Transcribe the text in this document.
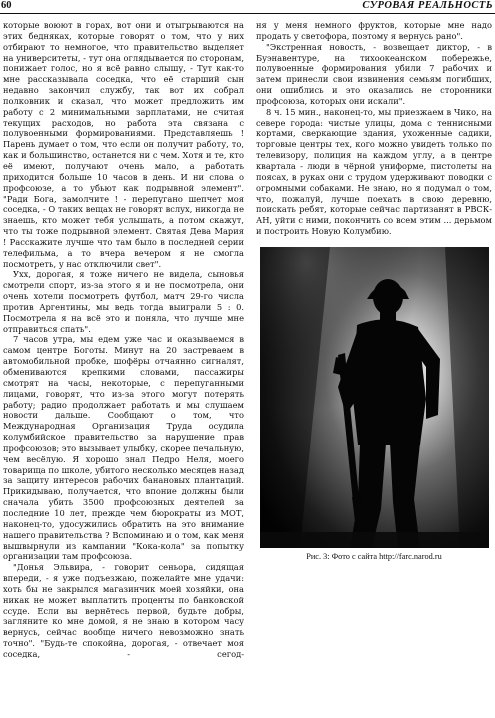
60	СУРОВАЯ РЕАЛЬНОСТЬ

которые воюют в горах, вот они и отыгрываются на этих бедняках, которые говорят о том, что у них отбирают то немногое, что правительство выделяет на университеты, - тут она оглядывается по сторонам, понижает голос, но я всё равно слышу, - Тут как-то мне рассказывала соседка, что её старший сын недавно закончил службу, так вот их собрал полковник и сказал, что может предложить им работу с 2 минимальными зарплатами, не считая текущих расходов, но работа эта связана с полувоенными формированиями. Представляешь ! Парень думает о том, что если он получит работу, то, как и большинство, останется ни с чем. Хотя и те, кто её имеют, получают очень мало, а работать приходится больше 10 часов в день. И ни слова о профсоюзе, а то убьют как подрывной элемент". "Ради Бога, замолчите ! - перепугано шепчет моя соседка, - О таких вещах не говорят вслух, никогда не знаешь, кто может тебя услышать, а потом скажут, что ты тоже подрывной элемент. Святая Дева Мария ! Расскажите лучше что там было в последней серии телефильма, а то вчера вечером я не смогла посмотреть, у нас отключили свет".

Ухх, дорогая, я тоже ничего не видела, сыновья смотрели спорт, из-за этого я и не посмотрела, они очень хотели посмотреть футбол, матч 29-го числа против Аргентины, мы ведь тогда выиграли 5 : 0. Посмотрела я на всё это и поняла, что лучше мне отправиться спать".

7 часов утра, мы едем уже час и оказываемся в самом центре Боготы. Минут на 20 застреваем в автомобильной пробке, шофёры отчаянно сигналят, обмениваются крепкими словами, пассажиры смотрят на часы, некоторые, с перепуганными лицами, говорят, что из-за этого могут потерять работу; радио продолжает работать и мы слушаем новости дальше. Сообщают о том, что Международная Организация Труда осудила колумбийское правительство за нарушение прав профсоюзов; это вызывает улыбку, скорее печальную, чем весёлую. Я хорошо знал Педро Неля, моего товарища по школе, убитого несколько месяцев назад за защиту интересов рабочих банановых плантаций. Прикидываю, получается, что впоние должны были сначала убить 3500 профсоюзных деятелей за последние 10 лет, прежде чем бюрократы из МОТ, наконец-то, удосужились обратить на это внимание нашего правительства ? Вспоминаю и о том, как меня вышвырнули из кампании "Кока-кола" за попытку организации там профсоюза.

"Донья Эльвира, - говорит сеньора, сидящая впереди, - я уже подъезжаю, пожелайте мне удачи: хоть бы не закрылся магазинчик моей хозяйки, она никак не может выплатить проценты по банковской ссуде. Если вы вернётесь первой, будьте добры, загляните ко мне домой, я не знаю в котором часу вернусь, сейчас вообще ничего невозможно знать точно". "Будь-те спокойна, дорогая, - отвечает моя соседка, - сегод-

ня у меня немного фруктов, которые мне надо продать у светофора, поэтому я вернусь рано".

"Экстренная новость, - возвещает диктор, - в Буэнавентуре, на тихоокеанском побережье, полувоенные формирования убили 7 рабочих и затем принесли свои извинения семьям погибших, они ошиблись и это оказались не сторонники профсоюза, которых они искали".

8 ч. 15 мин., наконец-то, мы приезжаем в Чико, на севере города: чистые улицы, дома с теннисными кортами, сверкающие здания, ухоженные садики, торговые центры тех, кого можно увидеть только по телевизору, полиция на каждом углу, а в центре квартала - люди в чёрной униформе, пистолеты на поясах, в руках они с трудом удерживают поводки с огромными собаками. Не знаю, но я подумал о том, что, пожалуй, лучше поехать в свою деревню, поискать ребят, которые сейчас партизанят в РВСК-АН, уйти с ними, покончить со всем этим ... дерьмом и построить Новую Колумбию.

Рис. 3: Фото с сайта http://farc.narod.ru
